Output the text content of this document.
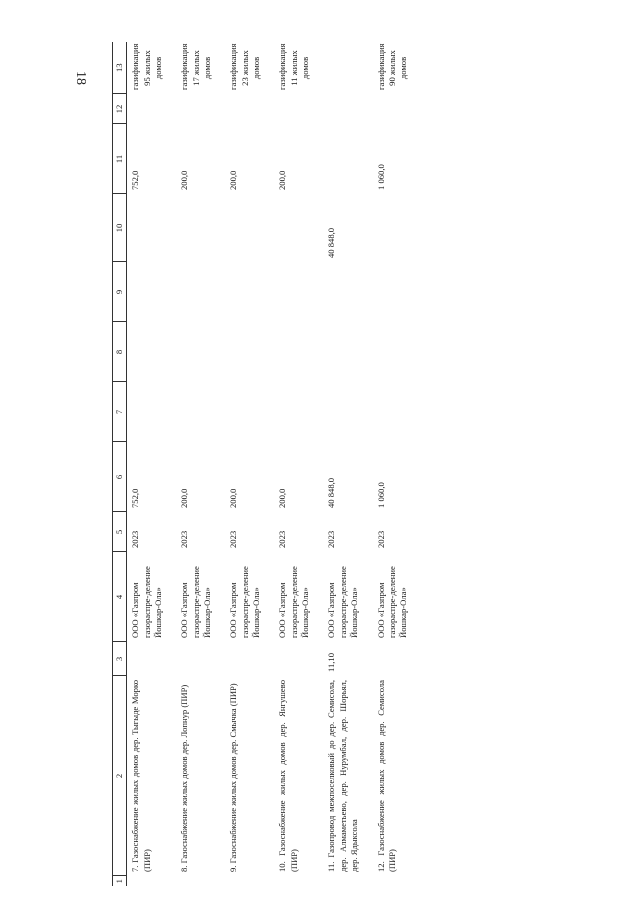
18
1	2	3	4	5	6	7	8	9	10	11	12	13
	7. Газоснабжение жилых домов дер. Тыгыде Морко (ПИР)		ООО «Газпром газораспре-деление Йошкар-Ола»	2023	752,0					752,0		газификация 95 жилых домов
	8. Газоснабжение жилых домов дер. Лопнур (ПИР)		ООО «Газпром газораспре-деление Йошкар-Ола»	2023	200,0					200,0		газификация 17 жилых домов
	9. Газоснабжение жилых домов дер. Смычка (ПИР)		ООО «Газпром газораспре-деление Йошкар-Ола»	2023	200,0					200,0		газификация 23 жилых домов
	10. Газоснабжение жилых домов дер. Янгушево (ПИР)		ООО «Газпром газораспре-деление Йошкар-Ола»	2023	200,0					200,0		газификация 11 жилых домов
	11. Газопровод межпоселковый до дер. Семисола, дер. Алмаметьево, дер. Нурумбал, дер. Шорьял, дер. Ядыксола	11,10	ООО «Газпром газораспре-деление Йошкар-Ола»	2023	40 848,0				40 848,0			
	12. Газоснабжение жилых домов дер. Семисола (ПИР)		ООО «Газпром газораспре-деление Йошкар-Ола»	2023	1 060,0					1 060,0		газификация 90 жилых домов
